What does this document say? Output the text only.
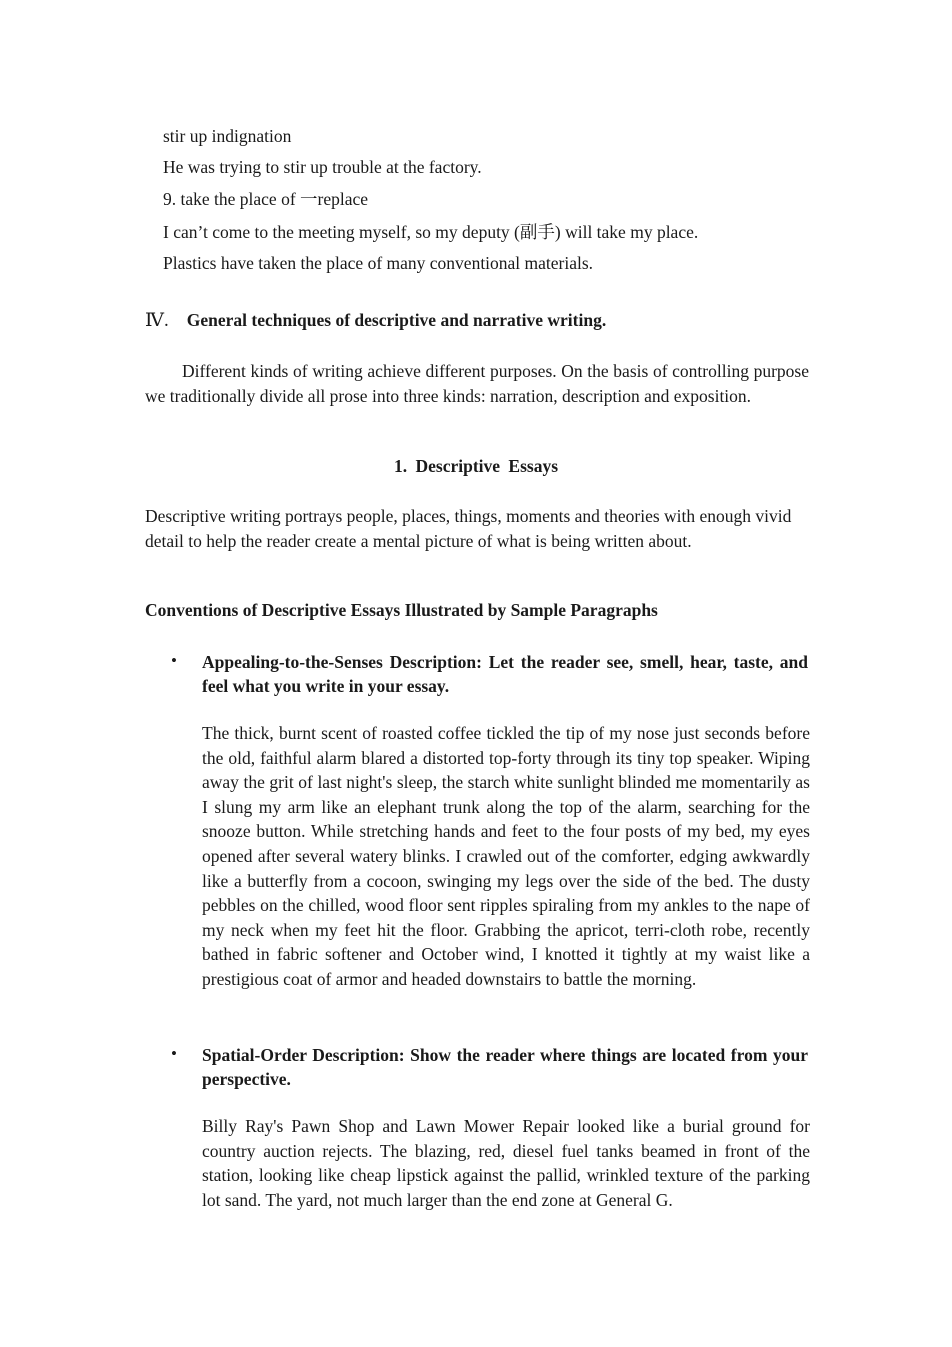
stir up indignation
He was trying to stir up trouble at the factory.
9. take the place of 一replace
I can’t come to the meeting myself, so my deputy (副手) will take my place.
Plastics have taken the place of many conventional materials.
Ⅳ. General techniques of descriptive and narrative writing.
Different kinds of writing achieve different purposes. On the basis of controlling purpose we traditionally divide all prose into three kinds: narration, description and exposition.
1. Descriptive Essays
Descriptive writing portrays people, places, things, moments and theories with enough vivid detail to help the reader create a mental picture of what is being written about.
Conventions of Descriptive Essays Illustrated by Sample Paragraphs
• Appealing-to-the-Senses Description: Let the reader see, smell, hear, taste, and feel what you write in your essay.
The thick, burnt scent of roasted coffee tickled the tip of my nose just seconds before the old, faithful alarm blared a distorted top-forty through its tiny top speaker. Wiping away the grit of last night's sleep, the starch white sunlight blinded me momentarily as I slung my arm like an elephant trunk along the top of the alarm, searching for the snooze button. While stretching hands and feet to the four posts of my bed, my eyes opened after several watery blinks. I crawled out of the comforter, edging awkwardly like a butterfly from a cocoon, swinging my legs over the side of the bed. The dusty pebbles on the chilled, wood floor sent ripples spiraling from my ankles to the nape of my neck when my feet hit the floor. Grabbing the apricot, terri-cloth robe, recently bathed in fabric softener and October wind, I knotted it tightly at my waist like a prestigious coat of armor and headed downstairs to battle the morning.
• Spatial-Order Description: Show the reader where things are located from your perspective.
Billy Ray's Pawn Shop and Lawn Mower Repair looked like a burial ground for country auction rejects. The blazing, red, diesel fuel tanks beamed in front of the station, looking like cheap lipstick against the pallid, wrinkled texture of the parking lot sand. The yard, not much larger than the end zone at General G.
